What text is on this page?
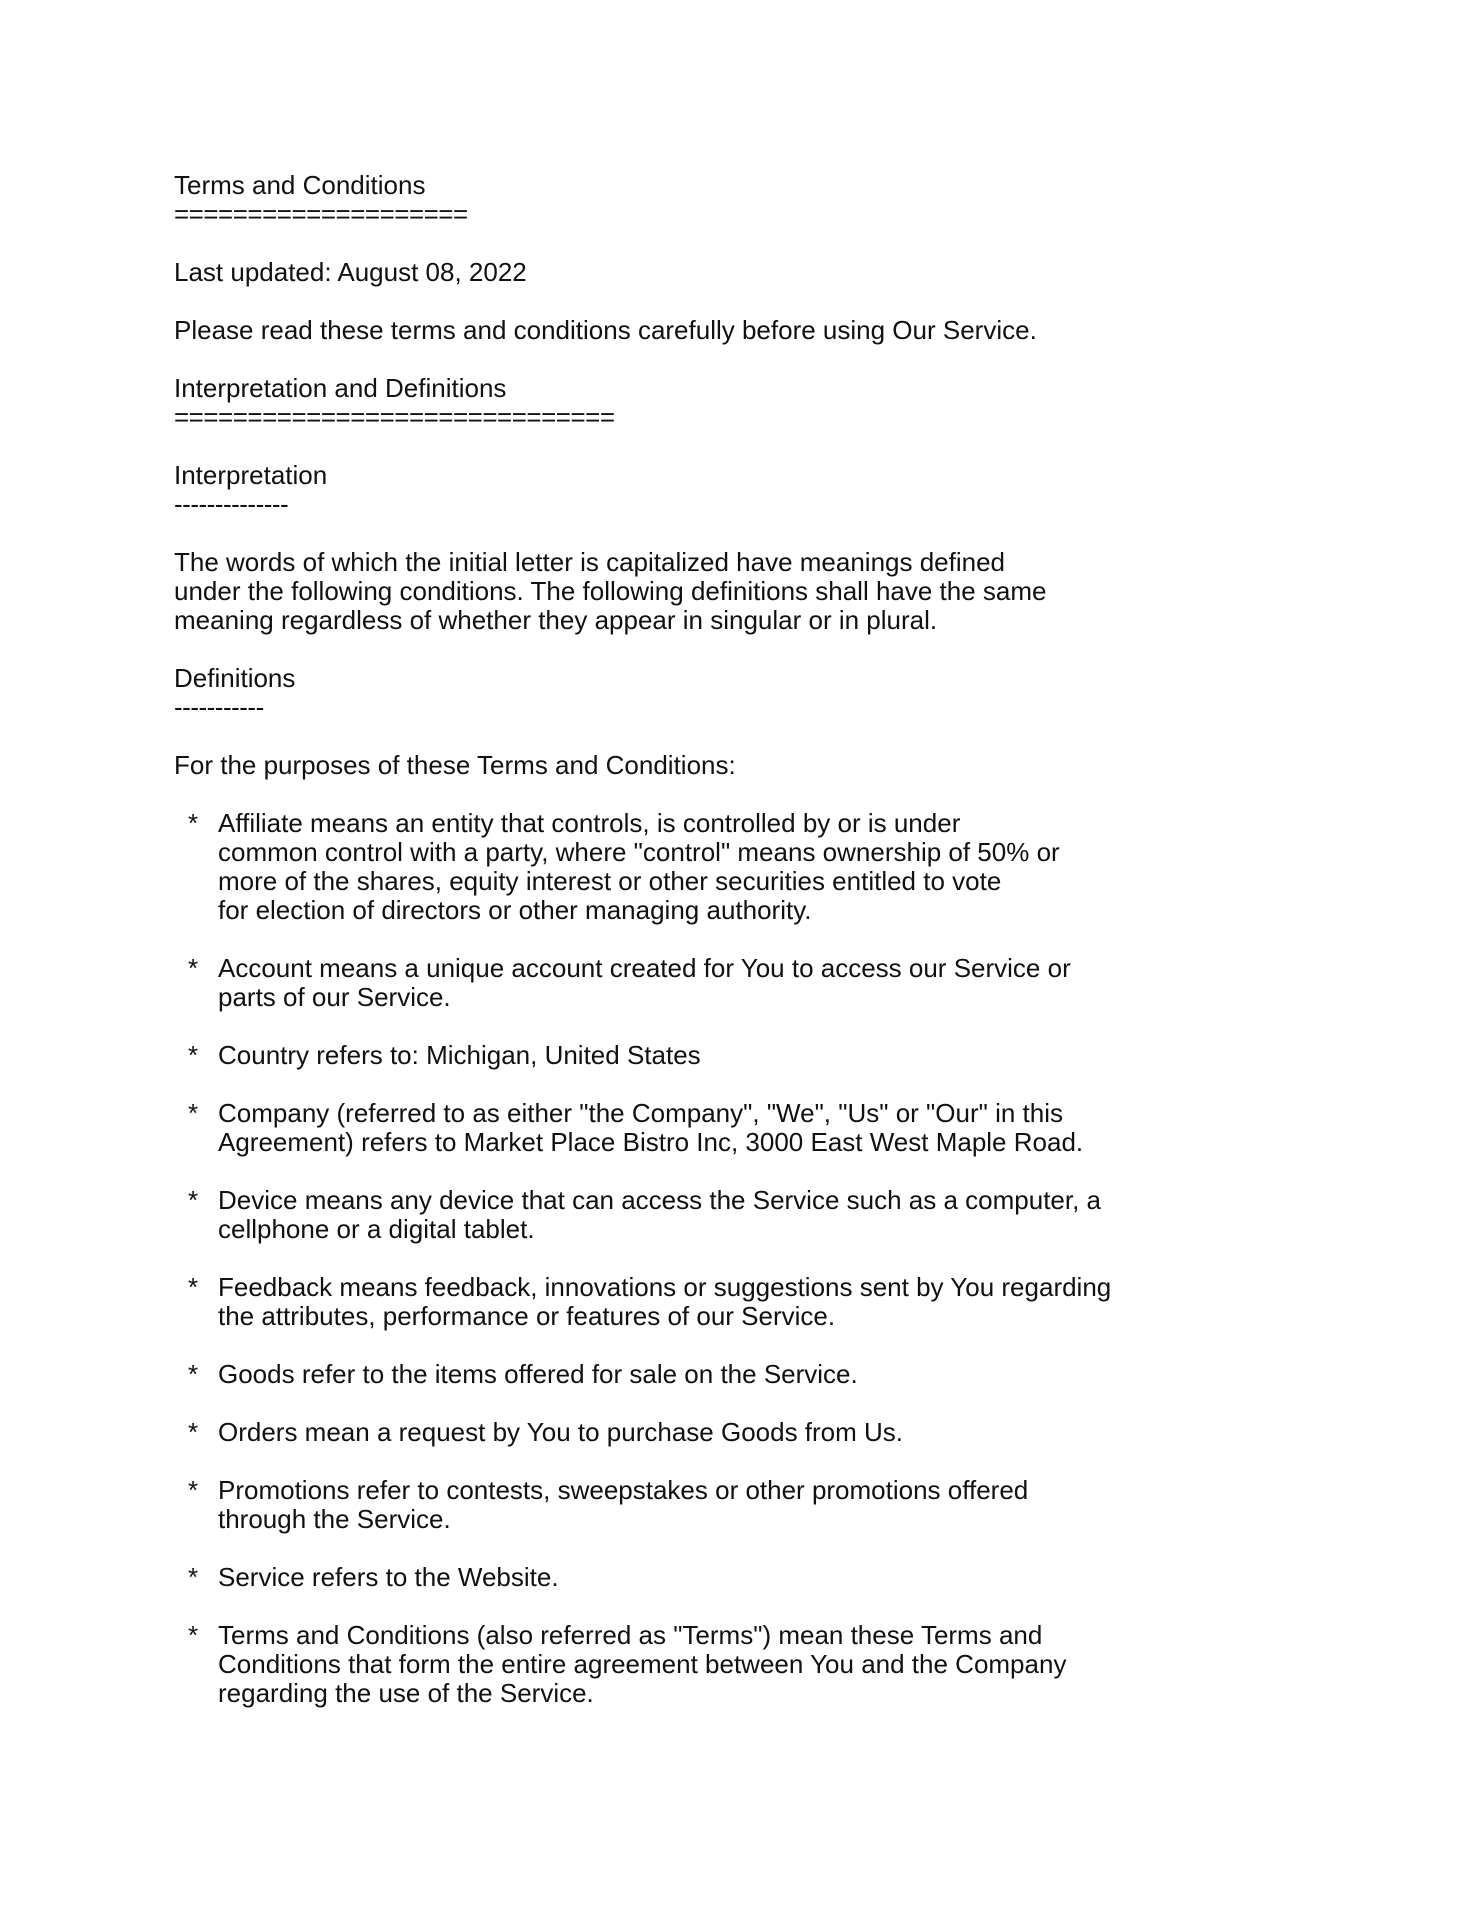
Terms and Conditions
====================
Last updated: August 08, 2022
Please read these terms and conditions carefully before using Our Service.
Interpretation and Definitions
==============================
Interpretation
--------------
The words of which the initial letter is capitalized have meanings defined
under the following conditions. The following definitions shall have the same
meaning regardless of whether they appear in singular or in plural.
Definitions
-----------
For the purposes of these Terms and Conditions:
* Affiliate means an entity that controls, is controlled by or is under
common control with a party, where "control" means ownership of 50% or
more of the shares, equity interest or other securities entitled to vote
for election of directors or other managing authority.
* Account means a unique account created for You to access our Service or
parts of our Service.
* Country refers to: Michigan, United States
* Company (referred to as either "the Company", "We", "Us" or "Our" in this
Agreement) refers to Market Place Bistro Inc, 3000 East West Maple Road.
* Device means any device that can access the Service such as a computer, a
cellphone or a digital tablet.
* Feedback means feedback, innovations or suggestions sent by You regarding
the attributes, performance or features of our Service.
* Goods refer to the items offered for sale on the Service.
* Orders mean a request by You to purchase Goods from Us.
* Promotions refer to contests, sweepstakes or other promotions offered
through the Service.
* Service refers to the Website.
* Terms and Conditions (also referred as "Terms") mean these Terms and
Conditions that form the entire agreement between You and the Company
regarding the use of the Service.
